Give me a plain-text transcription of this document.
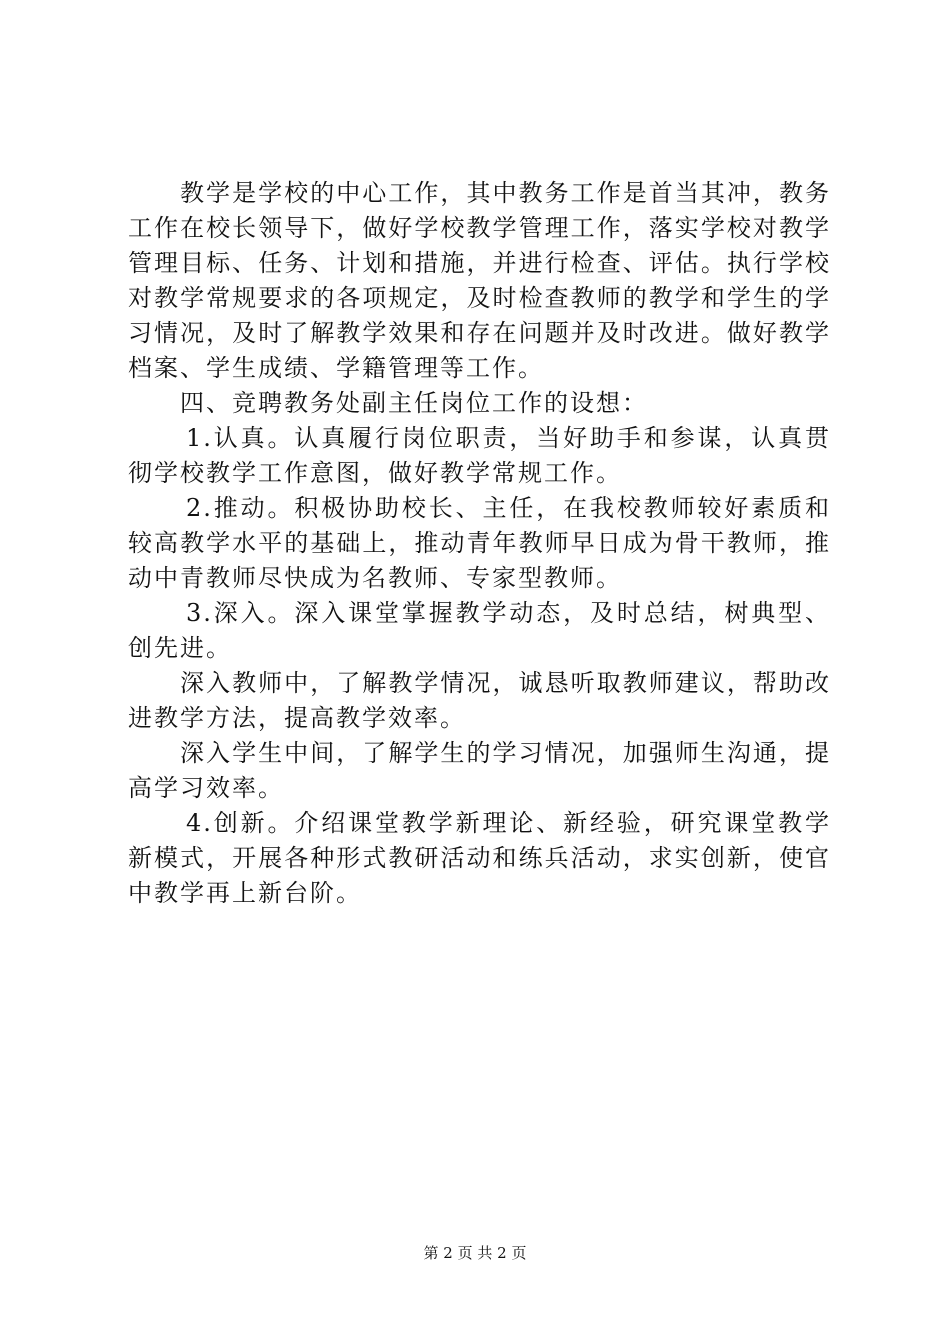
教学是学校的中心工作，其中教务工作是首当其冲，教务工作在校长领导下，做好学校教学管理工作，落实学校对教学管理目标、任务、计划和措施，并进行检查、评估。执行学校对教学常规要求的各项规定，及时检查教师的教学和学生的学习情况，及时了解教学效果和存在问题并及时改进。做好教学档案、学生成绩、学籍管理等工作。

四、竞聘教务处副主任岗位工作的设想：

1.认真。认真履行岗位职责，当好助手和参谋，认真贯彻学校教学工作意图，做好教学常规工作。

2.推动。积极协助校长、主任，在我校教师较好素质和较高教学水平的基础上，推动青年教师早日成为骨干教师，推动中青教师尽快成为名教师、专家型教师。

3.深入。深入课堂掌握教学动态，及时总结，树典型、创先进。

深入教师中，了解教学情况，诚恳听取教师建议，帮助改进教学方法，提高教学效率。

深入学生中间，了解学生的学习情况，加强师生沟通，提高学习效率。

4.创新。介绍课堂教学新理论、新经验，研究课堂教学新模式，开展各种形式教研活动和练兵活动，求实创新，使官中教学再上新台阶。

第 2 页 共 2 页
